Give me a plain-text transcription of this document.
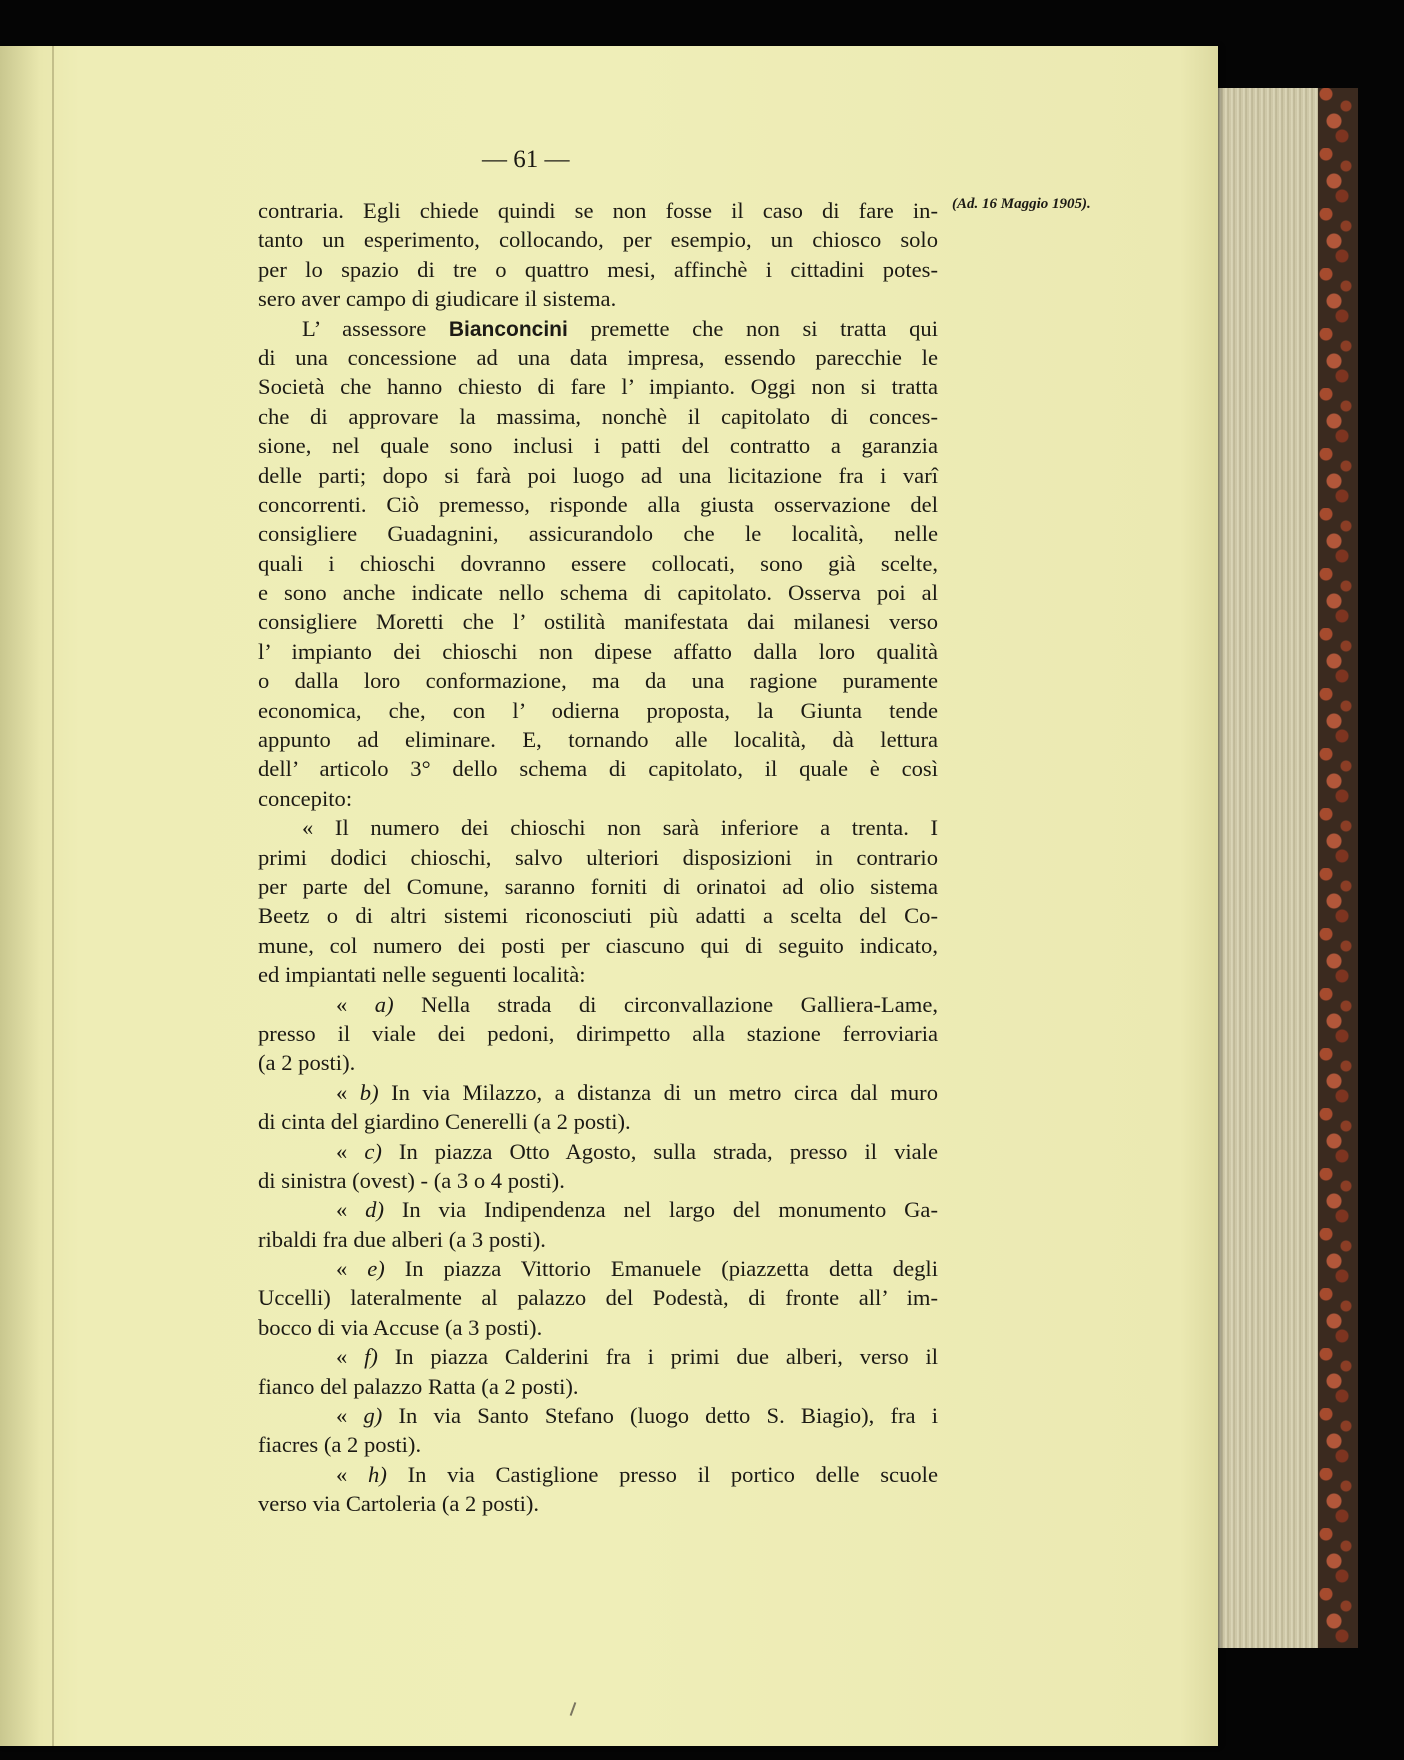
— 61 —
(Ad. 16 Maggio 1905).
contraria. Egli chiede quindi se non fosse il caso di fare in-
tanto un esperimento, collocando, per esempio, un chiosco solo
per lo spazio di tre o quattro mesi, affinchè i cittadini potes-
sero aver campo di giudicare il sistema.
L’ assessore Bianconcini premette che non si tratta qui
di una concessione ad una data impresa, essendo parecchie le
Società che hanno chiesto di fare l’ impianto. Oggi non si tratta
che di approvare la massima, nonchè il capitolato di conces-
sione, nel quale sono inclusi i patti del contratto a garanzia
delle parti; dopo si farà poi luogo ad una licitazione fra i varî
concorrenti. Ciò premesso, risponde alla giusta osservazione del
consigliere Guadagnini, assicurandolo che le località, nelle
quali i chioschi dovranno essere collocati, sono già scelte,
e sono anche indicate nello schema di capitolato. Osserva poi al
consigliere Moretti che l’ ostilità manifestata dai milanesi verso
l’ impianto dei chioschi non dipese affatto dalla loro qualità
o dalla loro conformazione, ma da una ragione puramente
economica, che, con l’ odierna proposta, la Giunta tende
appunto ad eliminare. E, tornando alle località, dà lettura
dell’ articolo 3° dello schema di capitolato, il quale è così
concepito:
« Il numero dei chioschi non sarà inferiore a trenta. I
primi dodici chioschi, salvo ulteriori disposizioni in contrario
per parte del Comune, saranno forniti di orinatoi ad olio sistema
Beetz o di altri sistemi riconosciuti più adatti a scelta del Co-
mune, col numero dei posti per ciascuno qui di seguito indicato,
ed impiantati nelle seguenti località:
« a) Nella strada di circonvallazione Galliera-Lame,
presso il viale dei pedoni, dirimpetto alla stazione ferroviaria
(a 2 posti).
« b) In via Milazzo, a distanza di un metro circa dal muro
di cinta del giardino Cenerelli (a 2 posti).
« c) In piazza Otto Agosto, sulla strada, presso il viale
di sinistra (ovest) - (a 3 o 4 posti).
« d) In via Indipendenza nel largo del monumento Ga-
ribaldi fra due alberi (a 3 posti).
« e) In piazza Vittorio Emanuele (piazzetta detta degli
Uccelli) lateralmente al palazzo del Podestà, di fronte all’ im-
bocco di via Accuse (a 3 posti).
« f) In piazza Calderini fra i primi due alberi, verso il
fianco del palazzo Ratta (a 2 posti).
« g) In via Santo Stefano (luogo detto S. Biagio), fra i
fiacres (a 2 posti).
« h) In via Castiglione presso il portico delle scuole
verso via Cartoleria (a 2 posti).
